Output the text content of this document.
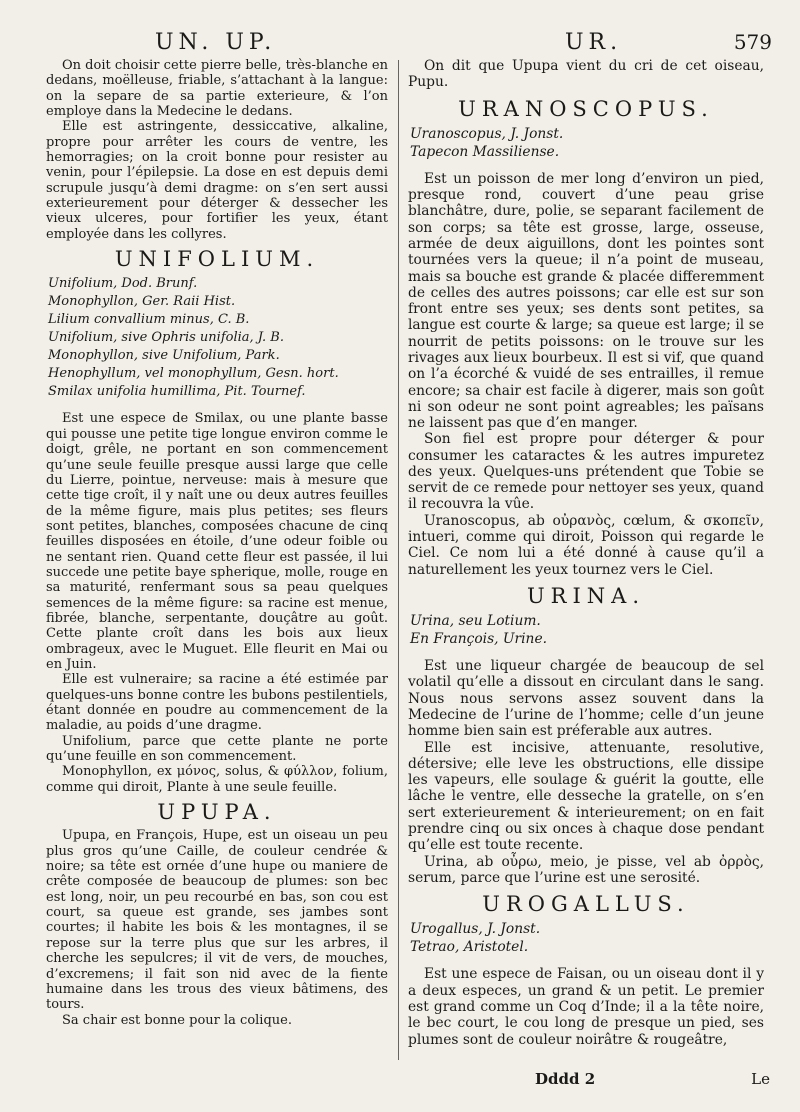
UN. UP.	UR.	579

On doit choisir cette pierre belle, très-blanche en dedans, moëlleuse, friable, s’attachant à la langue: on la separe de sa partie exterieure, & l’on employe dans la Medecine le dedans.

Elle est astringente, dessiccative, alkaline, propre pour arrêter les cours de ventre, les hemorragies; on la croit bonne pour resister au venin, pour l’épilepsie. La dose en est depuis demi scrupule jusqu’à demi dragme: on s’en sert aussi exterieurement pour déterger & dessecher les vieux ulceres, pour fortifier les yeux, étant employée dans les collyres.

UNIFOLIUM.
Unifolium, Dod. Brunf.
Monophyllon, Ger. Raii Hist.
Lilium convallium minus, C. B.
Unifolium, sive Ophris unifolia, J. B.
Monophyllon, sive Unifolium, Park.
Henophyllum, vel monophyllum, Gesn. hort.
Smilax unifolia humillima, Pit. Tournef.

Est une espece de Smilax, ou une plante basse qui pousse une petite tige longue environ comme le doigt, grêle, ne portant en son commencement qu’une seule feuille presque aussi large que celle du Lierre, pointue, nerveuse: mais à mesure que cette tige croît, il y naît une ou deux autres feuilles de la même figure, mais plus petites; ses fleurs sont petites, blanches, composées chacune de cinq feuilles disposées en étoile, d’une odeur foible ou ne sentant rien. Quand cette fleur est passée, il lui succede une petite baye spherique, molle, rouge en sa maturité, renfermant sous sa peau quelques semences de la même figure: sa racine est menue, fibrée, blanche, serpentante, douçâtre au goût. Cette plante croît dans les bois aux lieux ombrageux, avec le Muguet. Elle fleurit en Mai ou en Juin.

Elle est vulneraire; sa racine a été estimée par quelques-uns bonne contre les bubons pestilentiels, étant donnée en poudre au commencement de la maladie, au poids d’une dragme.

Unifolium, parce que cette plante ne porte qu’une feuille en son commencement.

Monophyllon, ex μόνος, solus, & φύλλον, folium, comme qui diroit, Plante à une seule feuille.

UPUPA.

Upupa, en François, Hupe, est un oiseau un peu plus gros qu’une Caille, de couleur cendrée & noire; sa tête est ornée d’une hupe ou maniere de crête composée de beaucoup de plumes: son bec est long, noir, un peu recourbé en bas, son cou est court, sa queue est grande, ses jambes sont courtes; il habite les bois & les montagnes, il se repose sur la terre plus que sur les arbres, il cherche les sepulcres; il vit de vers, de mouches, d’excremens; il fait son nid avec de la fiente humaine dans les trous des vieux bâtimens, des tours.

Sa chair est bonne pour la colique.

On dit que Upupa vient du cri de cet oiseau, Pupu.

URANOSCOPUS.
Uranoscopus, J. Jonst.
Tapecon Massiliense.

Est un poisson de mer long d’environ un pied, presque rond, couvert d’une peau grise blanchâtre, dure, polie, se separant facilement de son corps; sa tête est grosse, large, osseuse, armée de deux aiguillons, dont les pointes sont tournées vers la queue; il n’a point de museau, mais sa bouche est grande & placée differemment de celles des autres poissons; car elle est sur son front entre ses yeux; ses dents sont petites, sa langue est courte & large; sa queue est large; il se nourrit de petits poissons: on le trouve sur les rivages aux lieux bourbeux. Il est si vif, que quand on l’a écorché & vuidé de ses entrailles, il remue encore; sa chair est facile à digerer, mais son goût ni son odeur ne sont point agreables; les païsans ne laissent pas que d’en manger.

Son fiel est propre pour déterger & pour consumer les cataractes & les autres impuretez des yeux. Quelques-uns prétendent que Tobie se servit de ce remede pour nettoyer ses yeux, quand il recouvra la vûe.

Uranoscopus, ab οὐρανὸς, cœlum, & σκοπεῖν, intueri, comme qui diroit, Poisson qui regarde le Ciel. Ce nom lui a été donné à cause qu’il a naturellement les yeux tournez vers le Ciel.

URINA.
Urina, seu Lotium.
En François, Urine.

Est une liqueur chargée de beaucoup de sel volatil qu’elle a dissout en circulant dans le sang. Nous nous servons assez souvent dans la Medecine de l’urine de l’homme; celle d’un jeune homme bien sain est préferable aux autres.

Elle est incisive, attenuante, resolutive, détersive; elle leve les obstructions, elle dissipe les vapeurs, elle soulage & guérit la goutte, elle lâche le ventre, elle desseche la gratelle, on s’en sert exterieurement & interieurement; on en fait prendre cinq ou six onces à chaque dose pendant qu’elle est toute recente.

Urina, ab οὖρω, meio, je pisse, vel ab ὀρρὸς, serum, parce que l’urine est une serosité.

UROGALLUS.
Urogallus, J. Jonst.
Tetrao, Aristotel.

Est une espece de Faisan, ou un oiseau dont il y a deux especes, un grand & un petit. Le premier est grand comme un Coq d’Inde; il a la tête noire, le bec court, le cou long de presque un pied, ses plumes sont de couleur noirâtre & rougeâtre,

Dddd 2	Le
